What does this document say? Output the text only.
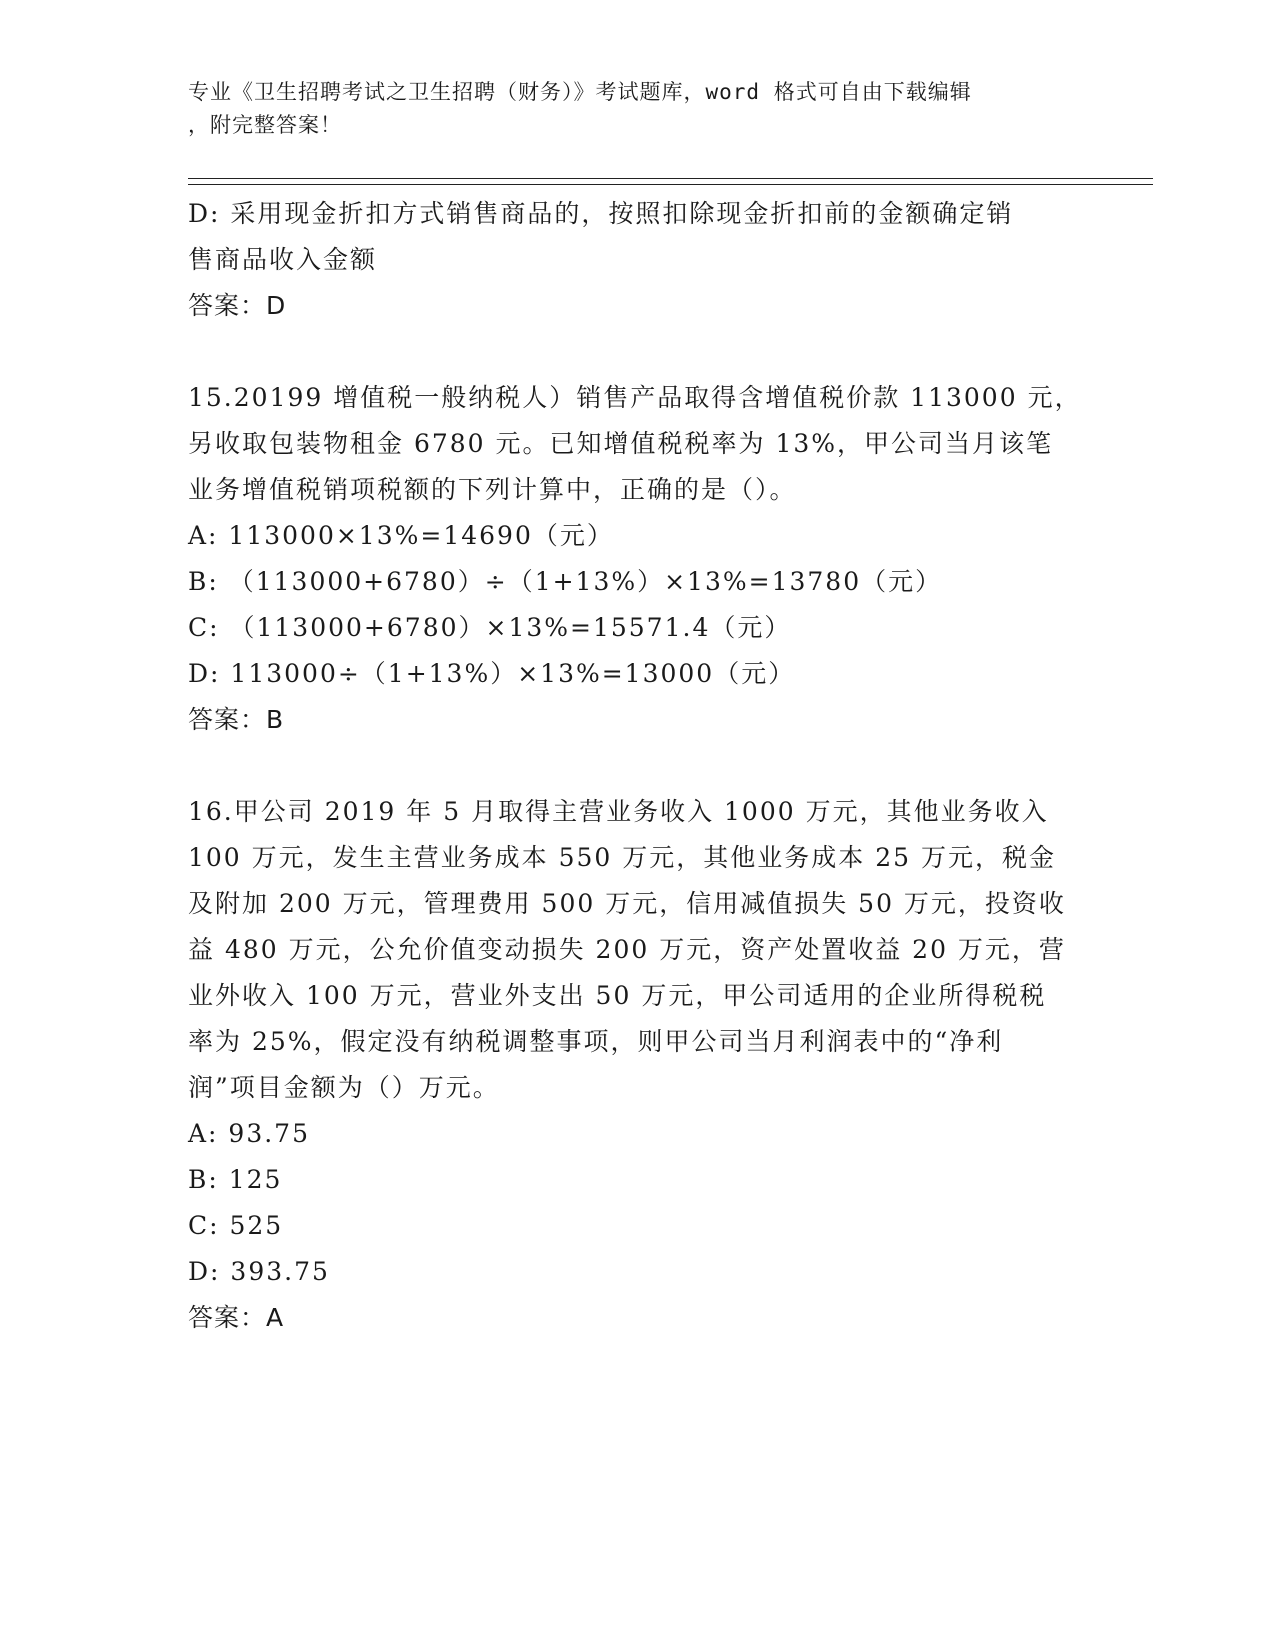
专业《卫生招聘考试之卫生招聘（财务）》考试题库，word 格式可自由下载编辑
，附完整答案！
D: 采用现金折扣方式销售商品的，按照扣除现金折扣前的金额确定销
售商品收入金额
答案：D
15.20199 增值税一般纳税人）销售产品取得含增值税价款 113000 元，
另收取包装物租金 6780 元。已知增值税税率为 13%，甲公司当月该笔
业务增值税销项税额的下列计算中，正确的是（）。
A: 113000×13%=14690（元）
B: （113000+6780）÷（1+13%）×13%=13780（元）
C: （113000+6780）×13%=15571.4（元）
D: 113000÷（1+13%）×13%=13000（元）
答案：B
16.甲公司 2019 年 5 月取得主营业务收入 1000 万元，其他业务收入
100 万元，发生主营业务成本 550 万元，其他业务成本 25 万元，税金
及附加 200 万元，管理费用 500 万元，信用减值损失 50 万元，投资收
益 480 万元，公允价值变动损失 200 万元，资产处置收益 20 万元，营
业外收入 100 万元，营业外支出 50 万元，甲公司适用的企业所得税税
率为 25%，假定没有纳税调整事项，则甲公司当月利润表中的“净利
润”项目金额为（）万元。
A: 93.75
B: 125
C: 525
D: 393.75
答案：A
